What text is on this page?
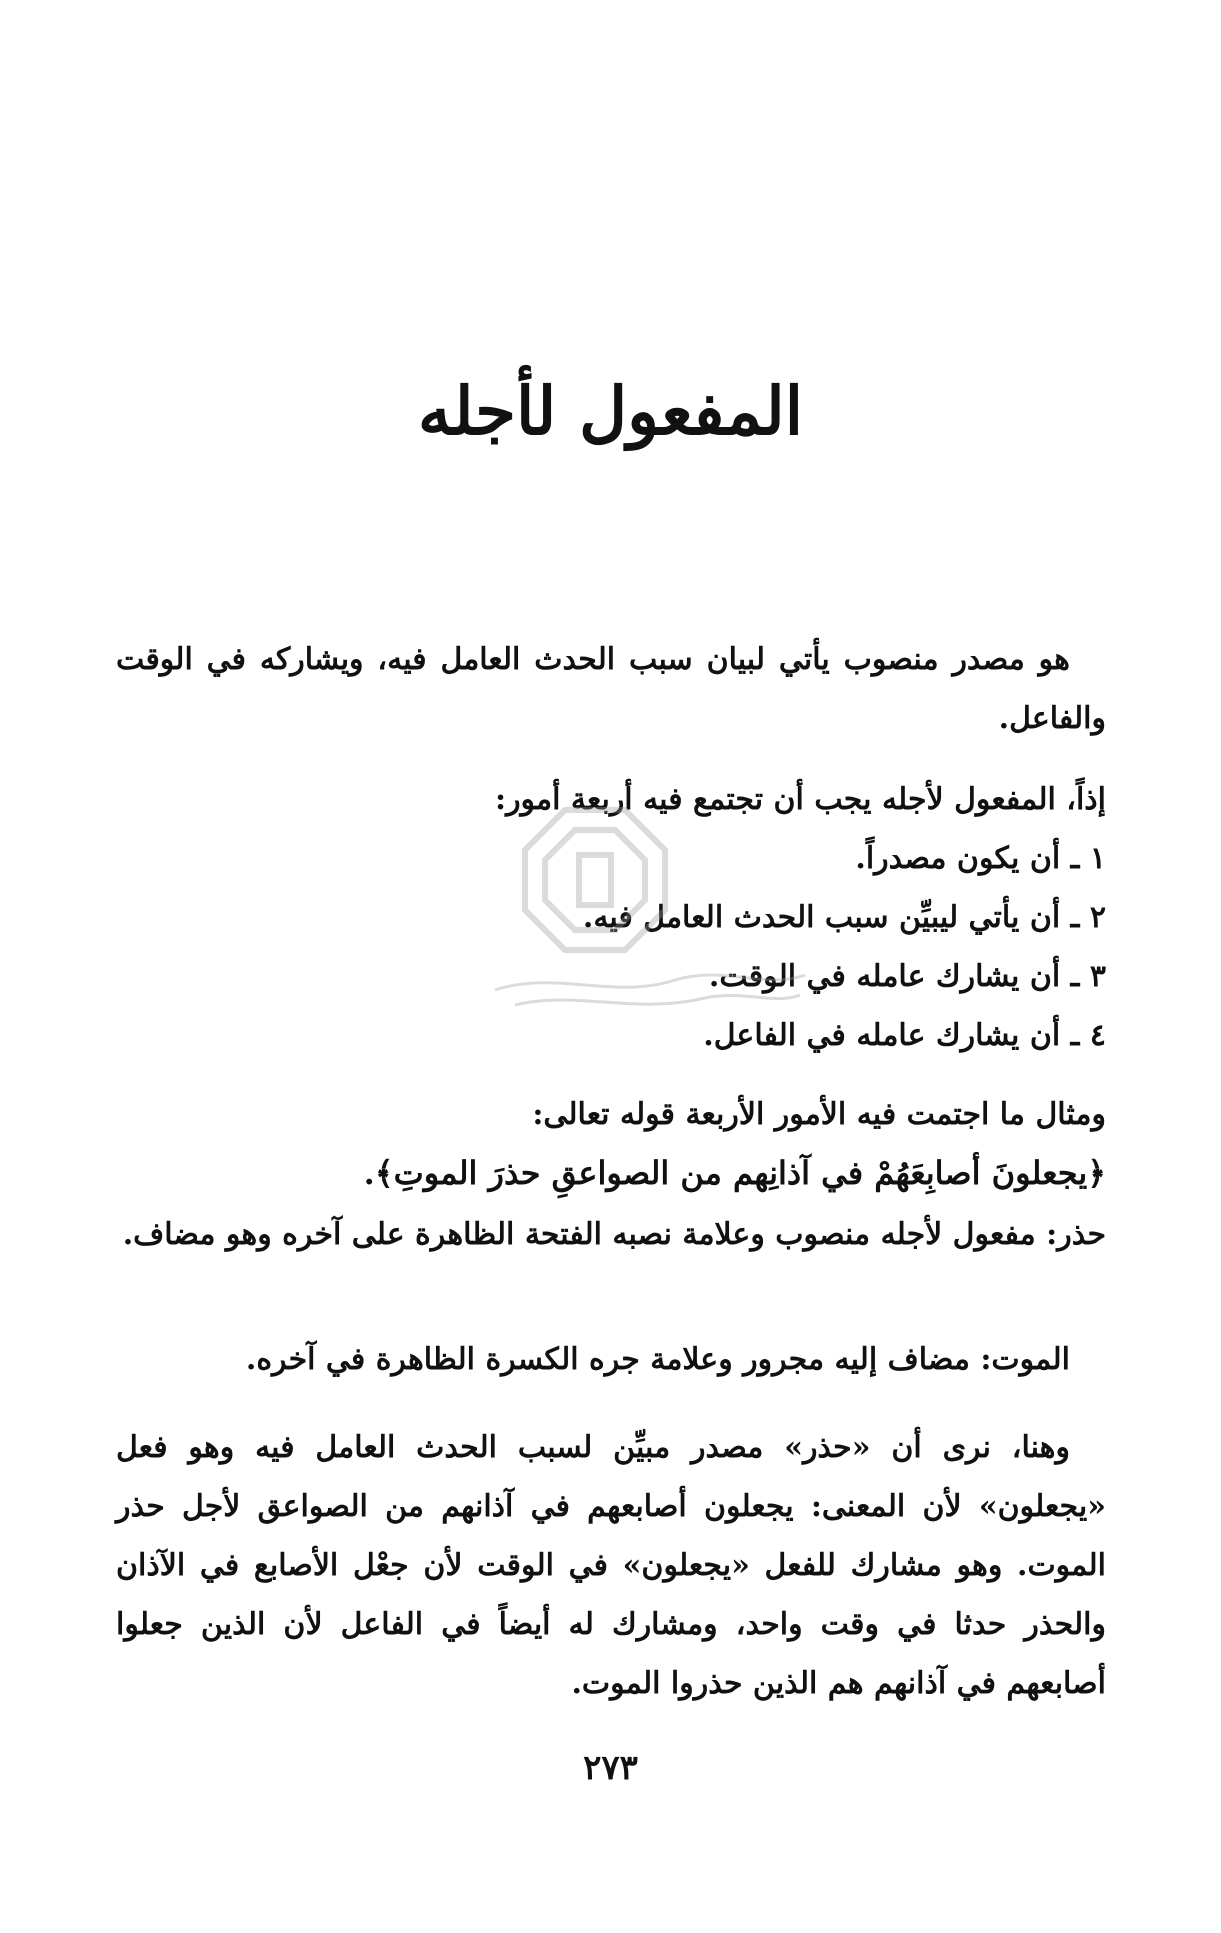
المفعول لأجله
هو مصدر منصوب يأتي لبيان سبب الحدث العامل فيه، ويشاركه في الوقت والفاعل.
إذاً، المفعول لأجله يجب أن تجتمع فيه أربعة أمور:
١ ـ أن يكون مصدراً.
٢ ـ أن يأتي ليبيِّن سبب الحدث العامل فيه.
٣ ـ أن يشارك عامله في الوقت.
٤ ـ أن يشارك عامله في الفاعل.
ومثال ما اجتمت فيه الأمور الأربعة قوله تعالى:
﴿يجعلونَ أصابِعَهُمْ في آذانِهم من الصواعقِ حذرَ الموتِ﴾.
حذر: مفعول لأجله منصوب وعلامة نصبه الفتحة الظاهرة على آخره وهو مضاف.
الموت: مضاف إليه مجرور وعلامة جره الكسرة الظاهرة في آخره.
وهنا، نرى أن «حذر» مصدر مبيِّن لسبب الحدث العامل فيه وهو فعل «يجعلون» لأن المعنى: يجعلون أصابعهم في آذانهم من الصواعق لأجل حذر الموت. وهو مشارك للفعل «يجعلون» في الوقت لأن جعْل الأصابع في الآذان والحذر حدثا في وقت واحد، ومشارك له أيضاً في الفاعل لأن الذين جعلوا أصابعهم في آذانهم هم الذين حذروا الموت.
٢٧٣
